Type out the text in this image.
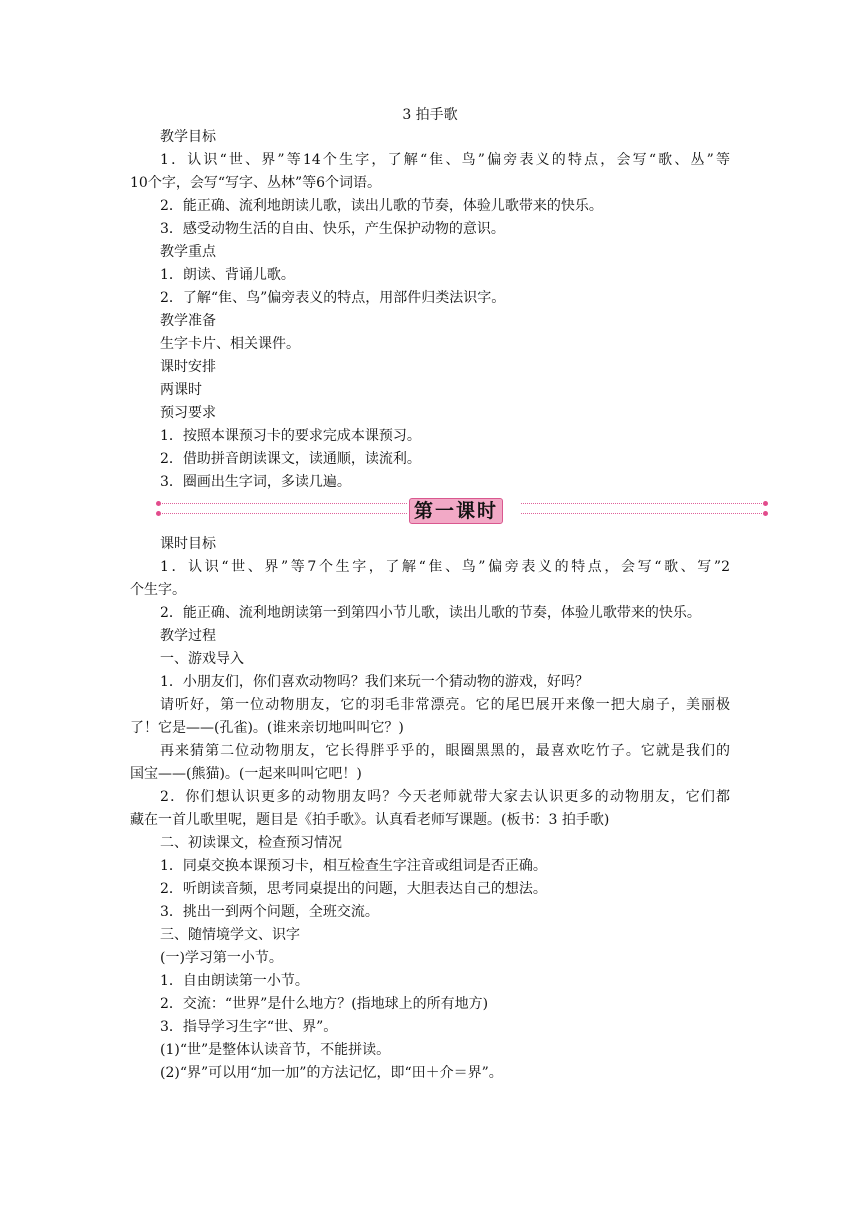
3 拍手歌
教学目标
1．认识“世、界”等14个生字，了解“隹、鸟”偏旁表义的特点，会写“歌、丛”等
10个字，会写“写字、丛林”等6个词语。
2．能正确、流利地朗读儿歌，读出儿歌的节奏，体验儿歌带来的快乐。
3．感受动物生活的自由、快乐，产生保护动物的意识。
教学重点
1．朗读、背诵儿歌。
2．了解“隹、鸟”偏旁表义的特点，用部件归类法识字。
教学准备
生字卡片、相关课件。
课时安排
两课时
预习要求
1．按照本课预习卡的要求完成本课预习。
2．借助拼音朗读课文，读通顺，读流利。
3．圈画出生字词，多读几遍。
第一课时
课时目标
1．认识“世、界”等7个生字，了解“隹、鸟”偏旁表义的特点，会写“歌、写”2
个生字。
2．能正确、流利地朗读第一到第四小节儿歌，读出儿歌的节奏，体验儿歌带来的快乐。
教学过程
一、游戏导入
1．小朋友们，你们喜欢动物吗？我们来玩一个猜动物的游戏，好吗？
请听好，第一位动物朋友，它的羽毛非常漂亮。它的尾巴展开来像一把大扇子，美丽极
了！它是——(孔雀)。(谁来亲切地叫叫它？)
再来猜第二位动物朋友，它长得胖乎乎的，眼圈黑黑的，最喜欢吃竹子。它就是我们的
国宝——(熊猫)。(一起来叫叫它吧！)
2．你们想认识更多的动物朋友吗？今天老师就带大家去认识更多的动物朋友，它们都
藏在一首儿歌里呢，题目是《拍手歌》。认真看老师写课题。(板书：3 拍手歌)
二、初读课文，检查预习情况
1．同桌交换本课预习卡，相互检查生字注音或组词是否正确。
2．听朗读音频，思考同桌提出的问题，大胆表达自己的想法。
3．挑出一到两个问题，全班交流。
三、随情境学文、识字
(一)学习第一小节。
1．自由朗读第一小节。
2．交流：“世界”是什么地方？(指地球上的所有地方)
3．指导学习生字“世、界”。
(1)“世”是整体认读音节，不能拼读。
(2)“界”可以用“加一加”的方法记忆，即“田＋介＝界”。
